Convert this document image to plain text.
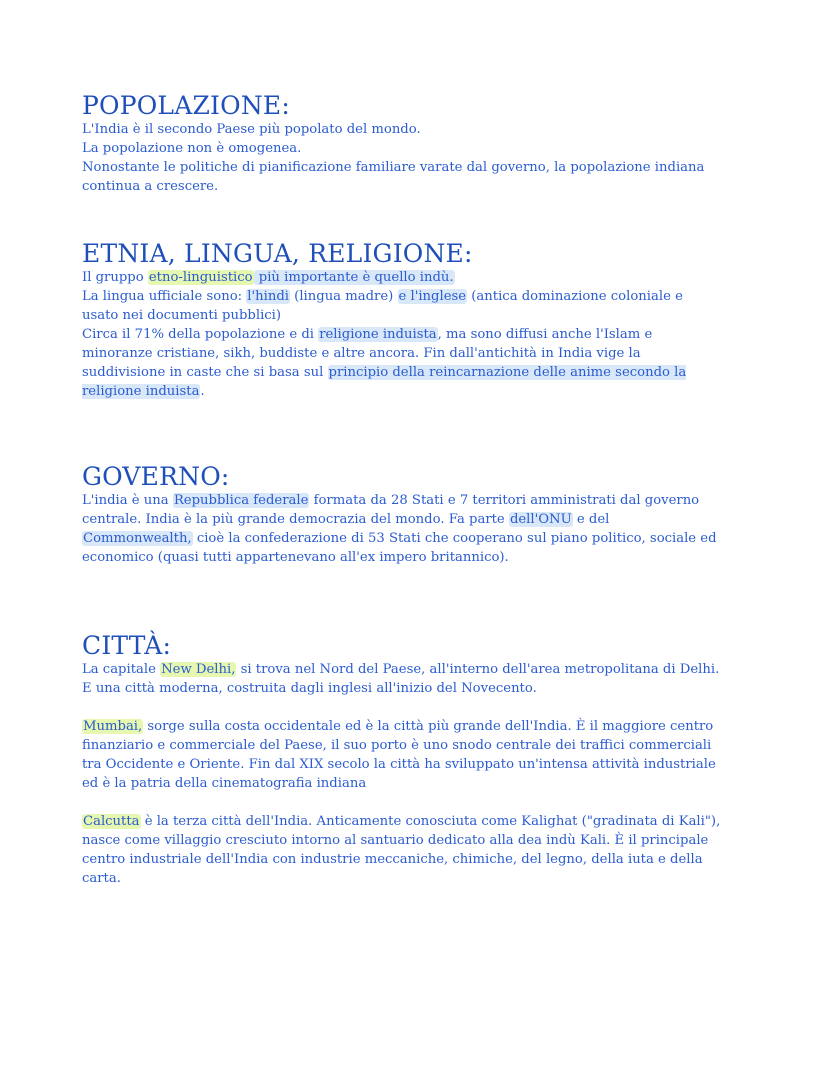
POPOLAZIONE:

L'India è il secondo Paese più popolato del mondo.
La popolazione non è omogenea.
Nonostante le politiche di pianificazione familiare varate dal governo, la popolazione indiana continua a crescere.

ETNIA, LINGUA, RELIGIONE:

Il gruppo etno-linguistico più importante è quello indù.
La lingua ufficiale sono: l'hindi (lingua madre) e l'inglese (antica dominazione coloniale e usato nei documenti pubblici)
Circa il 71% della popolazione e di religione induista, ma sono diffusi anche l'Islam e minoranze cristiane, sikh, buddiste e altre ancora. Fin dall'antichità in India vige la suddivisione in caste che si basa sul principio della reincarnazione delle anime secondo la religione induista.

GOVERNO:

L'india è una Repubblica federale formata da 28 Stati e 7 territori amministrati dal governo centrale. India è la più grande democrazia del mondo. Fa parte dell'ONU e del Commonwealth, cioè la confederazione di 53 Stati che cooperano sul piano politico, sociale ed economico (quasi tutti appartenevano all'ex impero britannico).

CITTÀ:

La capitale New Delhi, si trova nel Nord del Paese, all'interno dell'area metropolitana di Delhi. E una città moderna, costruita dagli inglesi all'inizio del Novecento.

Mumbai, sorge sulla costa occidentale ed è la città più grande dell'India. È il maggiore centro finanziario e commerciale del Paese, il suo porto è uno snodo centrale dei traffici commerciali tra Occidente e Oriente. Fin dal XIX secolo la città ha sviluppato un'intensa attività industriale ed è la patria della cinematografia indiana

Calcutta è la terza città dell'India. Anticamente conosciuta come Kalighat ("gradinata di Kali"), nasce come villaggio cresciuto intorno al santuario dedicato alla dea indù Kali. È il principale centro industriale dell'India con industrie meccaniche, chimiche, del legno, della iuta e della carta.
